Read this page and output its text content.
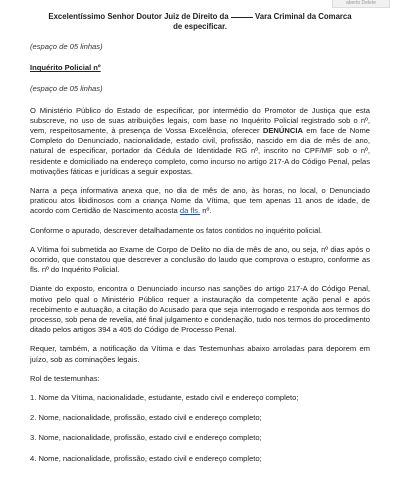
aberto Delete
Excelentíssimo Senhor Doutor Juiz de Direito da	Vara Criminal da Comarca
de especificar.

(espaço de 05 linhas)

Inquérito Policial nº

(espaço de 05 linhas)

O Ministério Público do Estado de especificar, por intermédio do Promotor de Justiça que esta subscreve, no uso de suas atribuições legais, com base no Inquérito Policial registrado sob o nº, vem, respeitosamente, à presença de Vossa Excelência, oferecer DENÚNCIA em face de Nome Completo do Denunciado, nacionalidade, estado civil, profissão, nascido em dia de mês de ano, natural de especificar, portador da Cédula de Identidade RG nº, inscrito no CPF/MF sob o nº, residente e domiciliado na endereço completo, como incurso no artigo 217-A do Código Penal, pelas motivações fáticas e jurídicas a seguir expostas.

Narra a peça informativa anexa que, no dia de mês de ano, às horas, no local, o Denunciado praticou atos libidinosos com a criança Nome da Vítima, que tem apenas 11 anos de idade, de acordo com Certidão de Nascimento acosta da fls. nº.

Conforme o apurado, descrever detalhadamente os fatos contidos no inquérito policial.

A Vítima foi submetida ao Exame de Corpo de Delito no dia de mês de ano, ou seja, nº dias após o ocorrido, que constatou que descrever a conclusão do laudo que comprova o estupro, conforme as fls. nº do Inquérito Policial.

Diante do exposto, encontra o Denunciado incurso nas sanções do artigo 217-A do Código Penal, motivo pelo qual o Ministério Público requer a instauração da competente ação penal e após recebimento e autuação, a citação do Acusado para que seja interrogado e responda aos termos do processo, sob pena de revelia, até final julgamento e condenação, tudo nos termos do procedimento ditado pelos artigos 394 a 405 do Código de Processo Penal.

Requer, também, a notificação da Vítima e das Testemunhas abaixo arroladas para deporem em juízo, sob as cominações legais.

Rol de testemunhas:

1. Nome da Vítima, nacionalidade, estudante, estado civil e endereço completo;
2. Nome, nacionalidade, profissão, estado civil e endereço completo;
3. Nome, nacionalidade, profissão, estado civil e endereço completo;
4. Nome, nacionalidade, profissão, estado civil e endereço completo;
